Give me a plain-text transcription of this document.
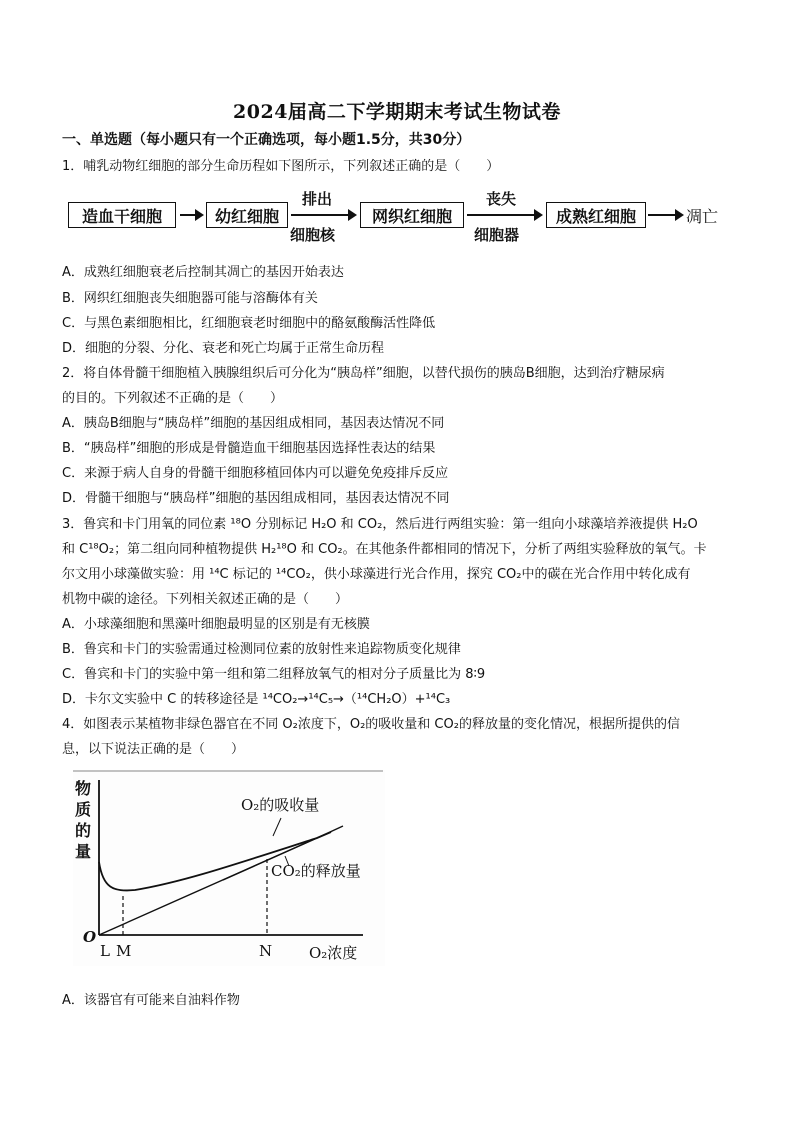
2024届高二下学期期末考试生物试卷
一、单选题（每小题只有一个正确选项，每小题1.5分，共30分）
1．哺乳动物红细胞的部分生命历程如下图所示，下列叙述正确的是（　　）
造血干细胞	幼红细胞
排出
细胞核
网织红细胞
丧失
细胞器
成熟红细胞	凋亡
A．成熟红细胞衰老后控制其凋亡的基因开始表达
B．网织红细胞丧失细胞器可能与溶酶体有关
C．与黑色素细胞相比，红细胞衰老时细胞中的酪氨酸酶活性降低
D．细胞的分裂、分化、衰老和死亡均属于正常生命历程
2．将自体骨髓干细胞植入胰腺组织后可分化为“胰岛样”细胞，以替代损伤的胰岛B细胞，达到治疗糖尿病
的目的。下列叙述不正确的是（　　）
A．胰岛B细胞与“胰岛样”细胞的基因组成相同，基因表达情况不同
B．“胰岛样”细胞的形成是骨髓造血干细胞基因选择性表达的结果
C．来源于病人自身的骨髓干细胞移植回体内可以避免免疫排斥反应
D．骨髓干细胞与“胰岛样”细胞的基因组成相同，基因表达情况不同
3．鲁宾和卡门用氧的同位素 ¹⁸O 分别标记 H₂O 和 CO₂，然后进行两组实验：第一组向小球藻培养液提供 H₂O
和 C¹⁸O₂；第二组向同种植物提供 H₂¹⁸O 和 CO₂。在其他条件都相同的情况下，分析了两组实验释放的氧气。卡
尔文用小球藻做实验：用 ¹⁴C 标记的 ¹⁴CO₂，供小球藻进行光合作用，探究 CO₂中的碳在光合作用中转化成有
机物中碳的途径。下列相关叙述正确的是（　　）
A．小球藻细胞和黑藻叶细胞最明显的区别是有无核膜
B．鲁宾和卡门的实验需通过检测同位素的放射性来追踪物质变化规律
C．鲁宾和卡门的实验中第一组和第二组释放氧气的相对分子质量比为 8∶9
D．卡尔文实验中 C 的转移途径是 ¹⁴CO₂→¹⁴C₅→（¹⁴CH₂O）+¹⁴C₃
4．如图表示某植物非绿色器官在不同 O₂浓度下，O₂的吸收量和 CO₂的释放量的变化情况，根据所提供的信
息，以下说法正确的是（　　）
物
质
的
量
O₂的吸收量
CO₂的释放量
O
L M	N O₂浓度
A．该器官有可能来自油料作物
